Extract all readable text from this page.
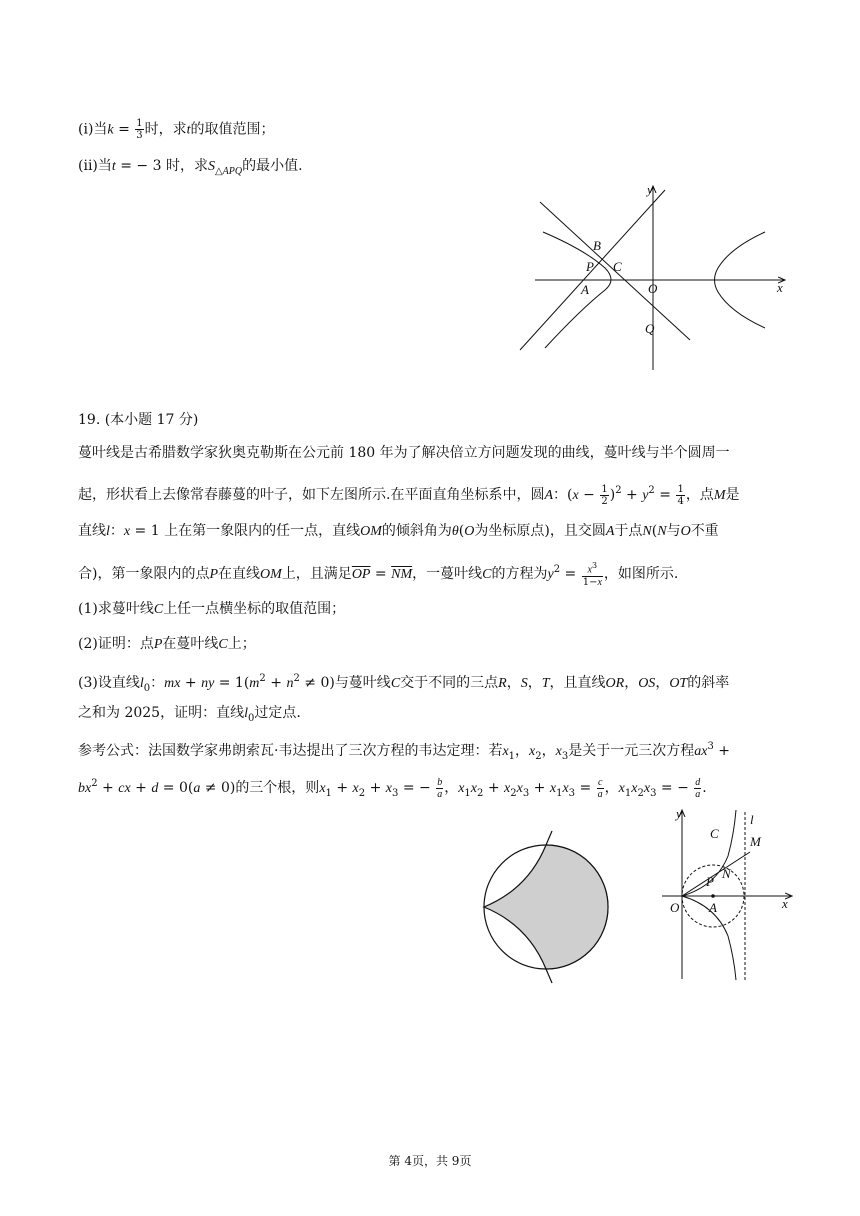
(i)当$k = \frac{1}{3}$ 时，求t的取值范围；
(ii)当t = − 3 时，求$S_{\triangle APQ}$的最小值.
y
x
B
P C
A	O
Q
19. (本小题 17 分)
蔓叶线是古希腊数学家狄奥克勒斯在公元前 180 年为了解决倍立方问题发现的曲线，蔓叶线与半个圆周一
起，形状看上去像常春藤蔓的叶子，如下左图所示.在平面直角坐标系中，圆A：$(x - \frac{1}{2} )^2 + y^2 = \frac{1}{4}$ ，点M是
直线l：x = 1 上在第一象限内的任一点，直线OM的倾斜角为θ(O为坐标原点)，且交圆A于点N(N与O不重
合)，第一象限内的点P在直线OM上，且满足$\overline{OP} = \overline{NM}$，一蔓叶线C的方程为$y^2 = \frac{x^3}{1-x}$ ，如图所示.
(1)求蔓叶线C上任一点横坐标的取值范围；
(2)证明：点P在蔓叶线C上；
(3)设直线$l_0$：mx + ny = $1(m^2 + n^2 \ne 0)$与蔓叶线C交于不同的三点R，S，T，且直线OR，OS，OT的斜率
之和为 2025，证明：直线$l_0$过定点.
参考公式：法国数学家弗朗索瓦·韦达提出了三次方程的韦达定理：若$x_1$，$x_2$，$x_3$是关于一元三次方程$ax^3$ +
$bx^2$ + cx + d = 0(a ≠ 0)的三个根，则$x_1 + x_2 + x_3$ = − $\frac{b}{a}$ ，$x_1x_2 + x_2x_3 + x_1x_3 = \frac{c}{a}$ ，$x_1x_2x_3$ = − $\frac{d}{a}$ .
y
x
l
C
M
N
P
O A
第 4页，共 9页
